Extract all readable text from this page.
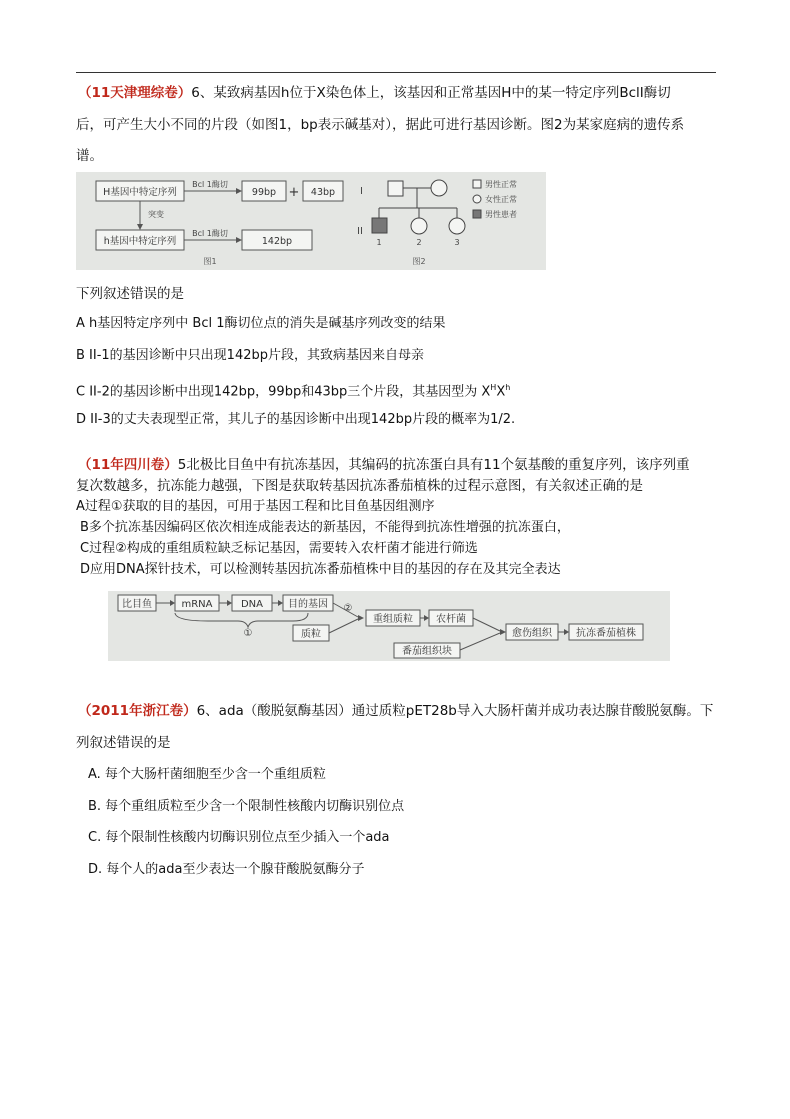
（11天津理综卷）6、某致病基因h位于X染色体上，该基因和正常基因H中的某一特定序列BclI酶切
后，可产生大小不同的片段（如图1，bp表示碱基对），据此可进行基因诊断。图2为某家庭病的遗传系
谱。
H基因中特定序列
Bcl 1酶切
99bp + 43bp
突变
h基因中特定序列
Bcl 1酶切
142bp
图1
I
II
1	2	3
图2
男性正常
女性正常
男性患者
下列叙述错误的是
A h基因特定序列中 Bcl 1酶切位点的消失是碱基序列改变的结果
B II-1的基因诊断中只出现142bp片段，其致病基因来自母亲
C II-2的基因诊断中出现142bp，99bp和43bp三个片段，其基因型为 $X^HX^h$
D II-3的丈夫表现型正常，其儿子的基因诊断中出现142bp片段的概率为1/2.
（11年四川卷）5北极比目鱼中有抗冻基因，其编码的抗冻蛋白具有11个氨基酸的重复序列，该序列重
复次数越多，抗冻能力越强，下图是获取转基因抗冻番茄植株的过程示意图，有关叙述正确的是
A过程①获取的目的基因，可用于基因工程和比目鱼基因组测序
B多个抗冻基因编码区依次相连成能表达的新基因，不能得到抗冻性增强的抗冻蛋白，
C过程②构成的重组质粒缺乏标记基因，需要转入农杆菌才能进行筛选
D应用DNA探针技术，可以检测转基因抗冻番茄植株中目的基因的存在及其完全表达
比目鱼	mRNA	DNA 目的基因
①	质粒
②
重组质粒 农杆菌
番茄组织块
愈伤组织 抗冻番茄植株
（2011年浙江卷）6、ada（酸脱氨酶基因）通过质粒pET28b导入大肠杆菌并成功表达腺苷酸脱氨酶。下
列叙述错误的是
A. 每个大肠杆菌细胞至少含一个重组质粒
B. 每个重组质粒至少含一个限制性核酸内切酶识别位点
C. 每个限制性核酸内切酶识别位点至少插入一个ada
D. 每个人的ada至少表达一个腺苷酸脱氨酶分子
